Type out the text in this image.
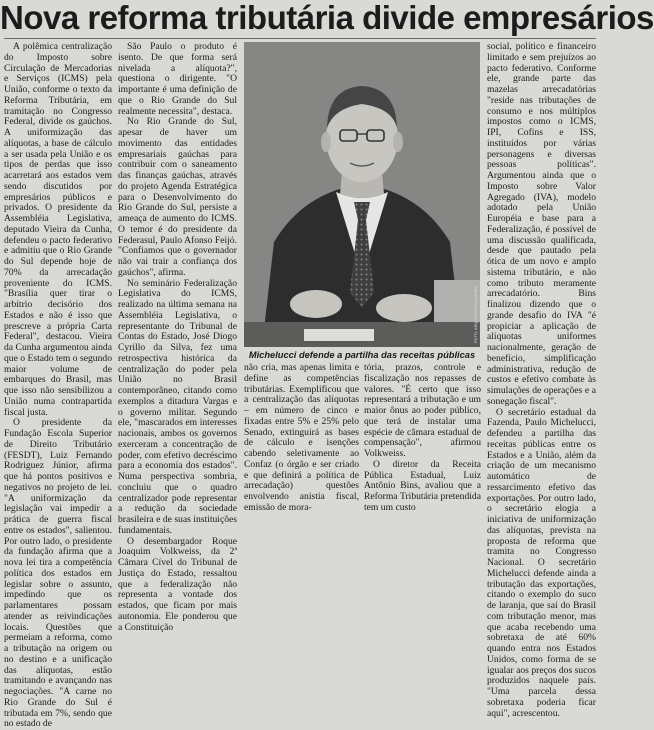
Nova reforma tributária divide empresários

A polêmica centralização do Imposto sobre Circulação de Mercadorias e Serviços (ICMS) pela União, conforme o texto da Reforma Tributária, em tramitação no Congresso Federal, divide os gaúchos. A uniformização das alíquotas, a base de cálculo a ser usada pela União e os tipos de perdas que isso acarretará aos estados vem sendo discutidos por empresários públicos e privados. O presidente da Assembléia Legislativa, deputado Vieira da Cunha, defendeu o pacto federativo e admitiu que o Rio Grande do Sul depende hoje de 70% da arrecadação proveniente do ICMS. "Brasília quer tirar o arbítrio decisório dos Estados e não é isso que prescreve a própria Carta Federal", destacou. Vieira da Cunha argumentou ainda que o Estado tem o segundo maior volume de embarques do Brasil, mas que isso não sensibilizou a União numa contrapartida fiscal justa.

O presidente da Fundação Escola Superior de Direito Tributário (FESDT), Luiz Fernando Rodriguez Júnior, afirma que há pontos positivos e negativos no projeto de lei. "A uniformização da legislação vai impedir a prática de guerra fiscal entre os estados", salientou. Por outro lado, o presidente da fundação afirma que a nova lei tira a competência política dos estados em legislar sobre o assunto, impedindo que os parlamentares possam atender as reivindicações locais. Questões que permeiam a reforma, como a tributação na origem ou no destino e a unificação das alíquotas, estão tramitando e avançando nas negociações. "A carne no Rio Grande do Sul é tributada em 7%, sendo que no estado de

São Paulo o produto é isento. De que forma será nivelada a alíquota?", questiona o dirigente. "O importante é uma definição de que o Rio Grande do Sul realmente necessita", destaca.

No Rio Grande do Sul, apesar de haver um movimento das entidades empresariais gaúchas para contribuir com o saneamento das finanças gaúchas, através do projeto Agenda Estratégica para o Desenvolvimento do Rio Grande do Sul, persiste a ameaça de aumento do ICMS. O temor é do presidente da Federasul, Paulo Afonso Feijó. "Confiamos que o governador não vai trair a confiança dos gaúchos", afirma.

No seminário Federalização Legislativa do ICMS, realizado na última semana na Assembléia Legislativa, o representante do Tribunal de Contas do Estado, José Diogo Cyrillo da Silva, fez uma retrospectiva histórica da centralização do poder pela União no Brasil contemporâneo, citando como exemplos a ditadura Vargas e o governo militar. Segundo ele, "mascarados em interesses nacionais, ambos os governos exerceram a concentração de poder, com efetivo decréscimo para a economia dos estados". Numa perspectiva sombria, concluiu que o quadro centralizador pode representar a redução da sociedade brasileira e de suas instituições fundamentais.

O desembargador Roque Joaquim Volkweiss, da 2ª Câmara Cível do Tribunal de Justiça do Estado, ressaltou que a federalização não representa a vontade dos estados, que ficam por mais autonomia. Ele ponderou que a Constituição

FOTO: ARQUIVO/VOLKWEISS
Michelucci defende a partilha das receitas públicas

não cria, mas apenas limita e define as competências tributárias. Exemplificou que a centralização das alíquotas – em número de cinco e fixadas entre 5% e 25% pelo Senado, extinguirá as bases de cálculo e isenções cabendo seletivamente ao Confaz (o órgão e ser criado e que definirá a política de arrecadação) questões envolvendo anistia fiscal, emissão de mora-

tória, prazos, controle e fiscalização nos repasses de valores. "É certo que isso representará a tributação e um maior ônus ao poder público, que terá de instalar uma espécie de câmara estadual de compensação", afirmou Volkweiss.

O diretor da Receita Pública Estadual, Luiz Antônio Bins, avaliou que a Reforma Tributária pretendida tem um custo

social, político e financeiro limitado e sem prejuízos ao pacto federativo. Conforme ele, grande parte das mazelas arrecadatórias "reside nas tributações de consumo e nos múltiplos impostos como o ICMS, IPI, Cofins e ISS, instituídos por várias personagens e diversas pessoas políticas". Argumentou ainda que o Imposto sobre Valor Agregado (IVA), modelo adotado pela União Européia e base para a Federalização, é possível de uma discussão qualificada, desde que pautado pela ótica de um novo e amplo sistema tributário, e não como tributo meramente arrecadatório. Bins finalizou dizendo que o grande desafio do IVA "é propiciar a aplicação de alíquotas uniformes nacionalmente, geração de benefício, simplificação administrativa, redução de custos e efetivo combate às simulações de operações e a sonegação fiscal".

O secretário estadual da Fazenda, Paulo Michelucci, defendeu a partilha das receitas públicas entre os Estados e a União, além da criação de um mecanismo automático de ressarcimento efetivo das exportações. Por outro lado, o secretário elogia a iniciativa de uniformização das alíquotas, prevista na proposta de reforma que tramita no Congresso Nacional. O secretário Michelucci defende ainda a tributação das exportações, citando o exemplo do suco de laranja, que saí do Brasil com tributação menor, mas que acaba recebendo uma sobretaxa de até 60% quando entra nos Estados Unidos, como forma de se igualar aos preços dos sucos produzidos naquele país. "Uma parcela dessa sobretaxa poderia ficar aqui", acrescentou.
